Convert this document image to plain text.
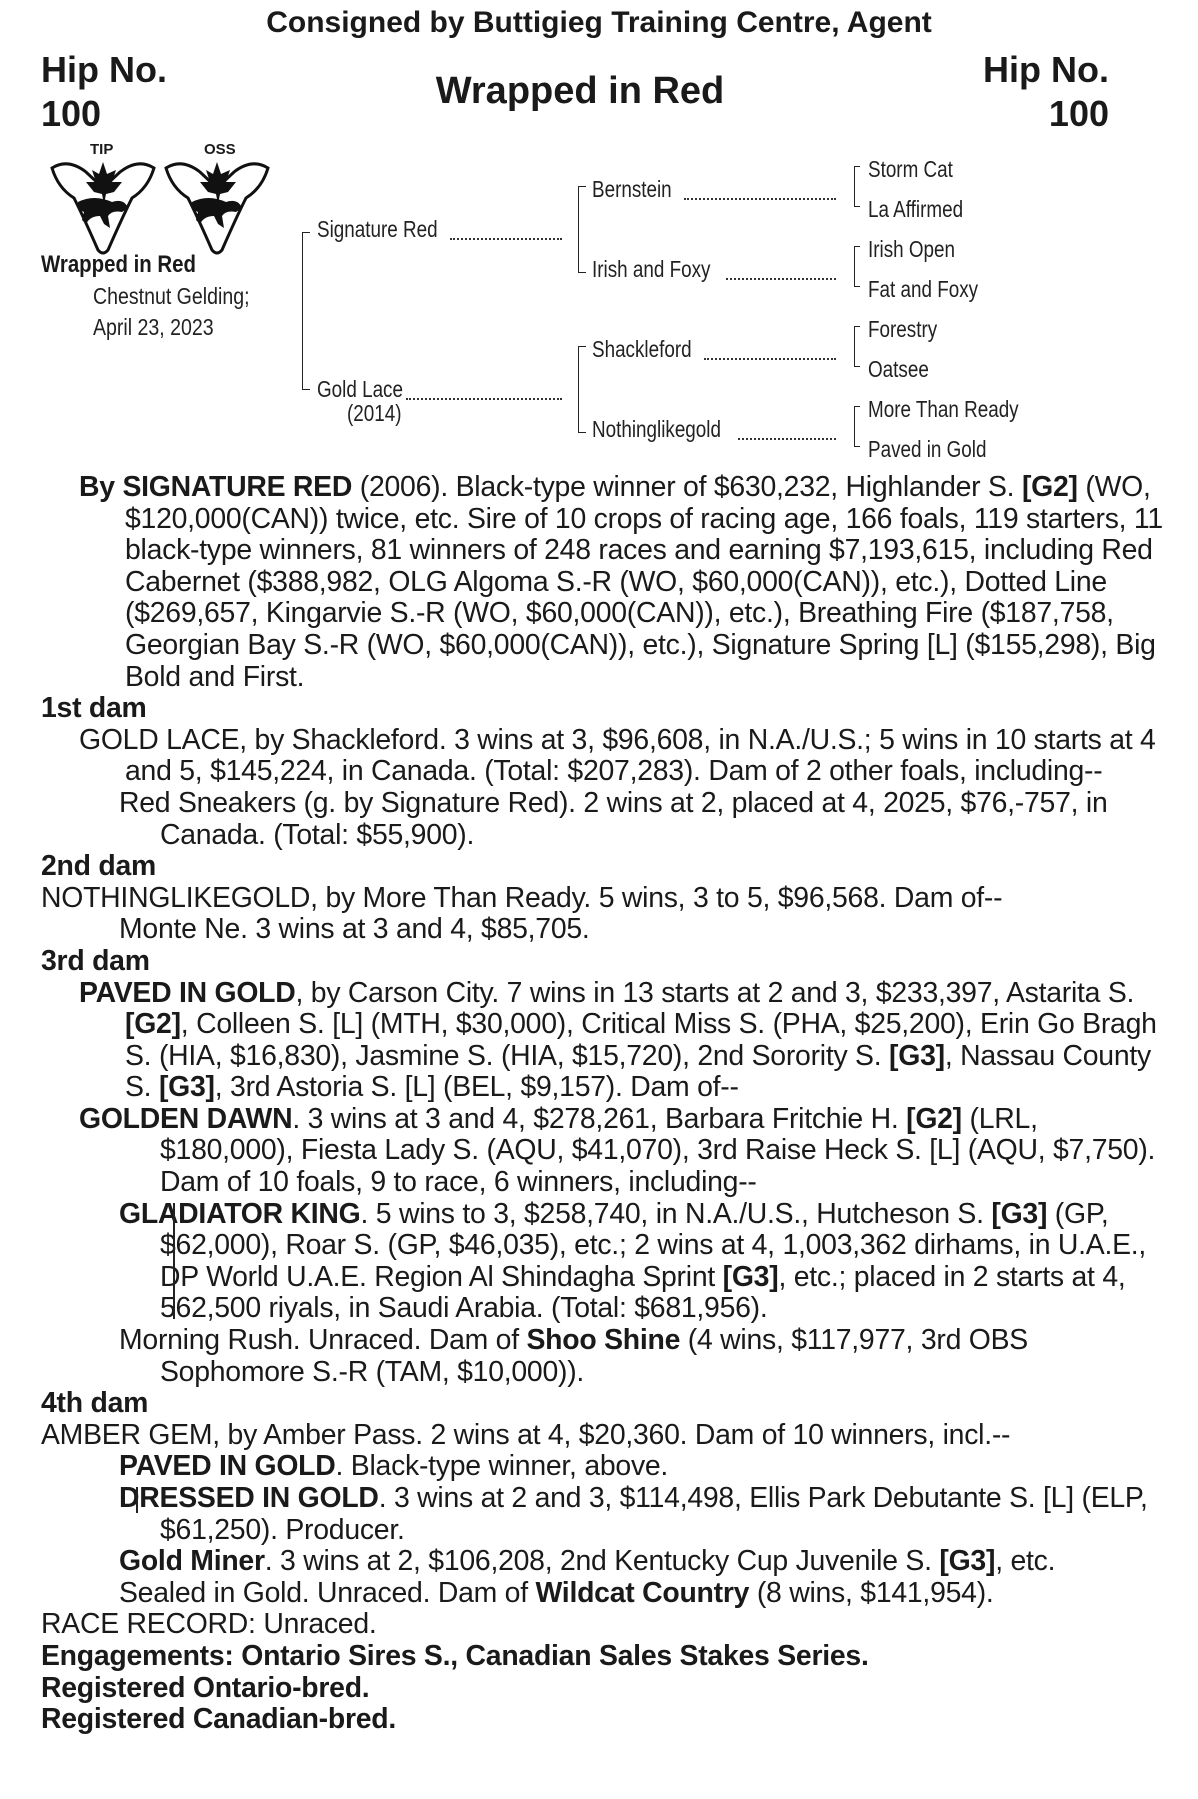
Consigned by Buttigieg Training Centre, Agent
Hip No.
100
Hip No.
100
Wrapped in Red
TIP	OSS
Wrapped in Red
Chestnut Gelding;
April 23, 2023
Signature Red
Gold Lace
(2014)
Bernstein
Irish and Foxy
Shackleford
Nothinglikegold
Storm Cat
La Affirmed
Irish Open
Fat and Foxy
Forestry
Oatsee
More Than Ready
Paved in Gold

By SIGNATURE RED (2006). Black-type winner of $630,232, Highlander S. [G2] (WO, $120,000(CAN)) twice, etc. Sire of 10 crops of racing age, 166 foals, 119 starters, 11 black-type winners, 81 winners of 248 races and earning $7,193,615, including Red Cabernet ($388,982, OLG Algoma S.-R (WO, $60,000(CAN)), etc.), Dotted Line ($269,657, Kingarvie S.-R (WO, $60,000(CAN)), etc.), Breathing Fire ($187,758, Georgian Bay S.-R (WO, $60,000(CAN)), etc.), Signature Spring [L] ($155,298), Big Bold and First.

1st dam

GOLD LACE, by Shackleford. 3 wins at 3, $96,608, in N.A./U.S.; 5 wins in 10 starts at 4 and 5, $145,224, in Canada. (Total: $207,283). Dam of 2 other foals, including--

Red Sneakers (g. by Signature Red). 2 wins at 2, placed at 4, 2025, $76,-757, in Canada. (Total: $55,900).

2nd dam

NOTHINGLIKEGOLD, by More Than Ready. 5 wins, 3 to 5, $96,568. Dam of--

Monte Ne. 3 wins at 3 and 4, $85,705.

3rd dam

PAVED IN GOLD, by Carson City. 7 wins in 13 starts at 2 and 3, $233,397, Astarita S. [G2], Colleen S. [L] (MTH, $30,000), Critical Miss S. (PHA, $25,200), Erin Go Bragh S. (HIA, $16,830), Jasmine S. (HIA, $15,720), 2nd Sorority S. [G3], Nassau County S. [G3], 3rd Astoria S. [L] (BEL, $9,157). Dam of--

GOLDEN DAWN. 3 wins at 3 and 4, $278,261, Barbara Fritchie H. [G2] (LRL, $180,000), Fiesta Lady S. (AQU, $41,070), 3rd Raise Heck S. [L] (AQU, $7,750). Dam of 10 foals, 9 to race, 6 winners, including--

GLADIATOR KING. 5 wins to 3, $258,740, in N.A./U.S., Hutcheson S. [G3] (GP, $62,000), Roar S. (GP, $46,035), etc.; 2 wins at 4, 1,003,362 dirhams, in U.A.E., DP World U.A.E. Region Al Shindagha Sprint [G3], etc.; placed in 2 starts at 4, 562,500 riyals, in Saudi Arabia. (Total: $681,956).

Morning Rush. Unraced. Dam of Shoo Shine (4 wins, $117,977, 3rd OBS Sophomore S.-R (TAM, $10,000)).

4th dam

AMBER GEM, by Amber Pass. 2 wins at 4, $20,360. Dam of 10 winners, incl.--

PAVED IN GOLD. Black-type winner, above.

DRESSED IN GOLD. 3 wins at 2 and 3, $114,498, Ellis Park Debutante S. [L] (ELP, $61,250). Producer.

Gold Miner. 3 wins at 2, $106,208, 2nd Kentucky Cup Juvenile S. [G3], etc.

Sealed in Gold. Unraced. Dam of Wildcat Country (8 wins, $141,954).

RACE RECORD: Unraced.

Engagements: Ontario Sires S., Canadian Sales Stakes Series.

Registered Ontario-bred.

Registered Canadian-bred.
